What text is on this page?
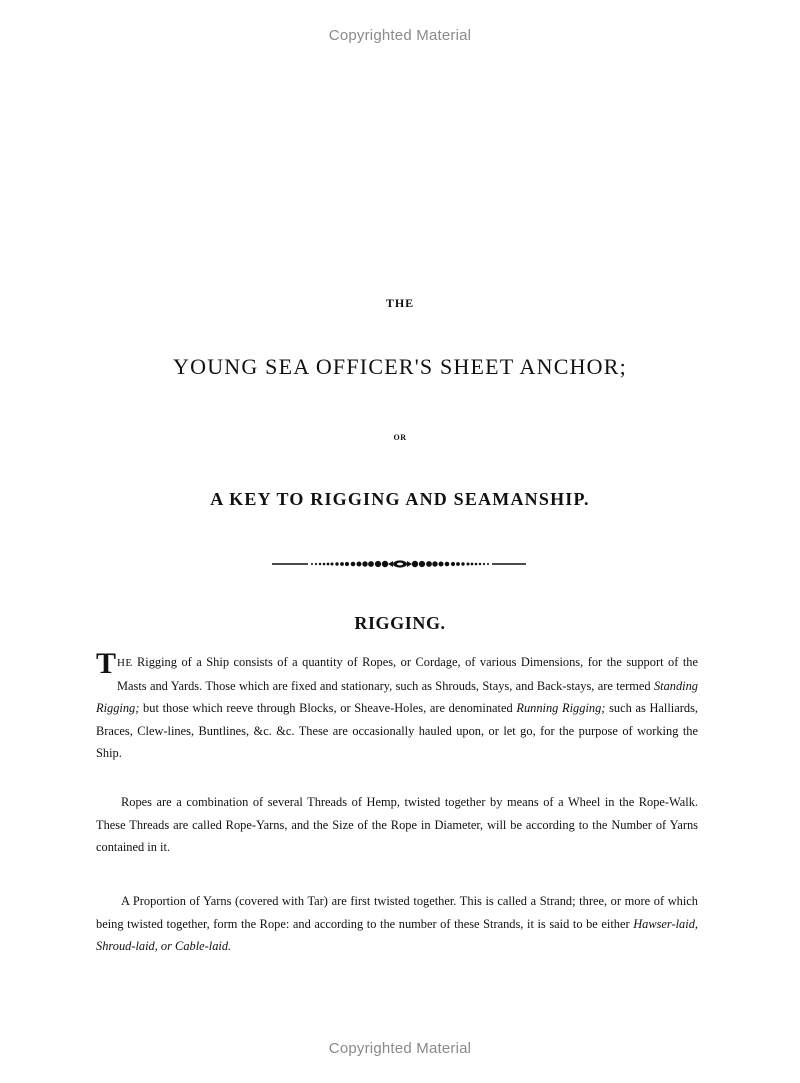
Copyrighted Material
THE
YOUNG SEA OFFICER'S SHEET ANCHOR;
OR
A KEY TO RIGGING AND SEAMANSHIP.
RIGGING.
THE Rigging of a Ship consists of a quantity of Ropes, or Cordage, of various Dimensions, for the support of the Masts and Yards. Those which are fixed and stationary, such as Shrouds, Stays, and Back-stays, are termed Standing Rigging; but those which reeve through Blocks, or Sheave-Holes, are denominated Running Rigging; such as Halliards, Braces, Clew-lines, Buntlines, &c. &c. These are occasionally hauled upon, or let go, for the purpose of working the Ship.
Ropes are a combination of several Threads of Hemp, twisted together by means of a Wheel in the Rope-Walk. These Threads are called Rope-Yarns, and the Size of the Rope in Diameter, will be according to the Number of Yarns contained in it.
A Proportion of Yarns (covered with Tar) are first twisted together. This is called a Strand; three, or more of which being twisted together, form the Rope: and according to the number of these Strands, it is said to be either Hawser-laid, Shroud-laid, or Cable-laid.
Copyrighted Material
